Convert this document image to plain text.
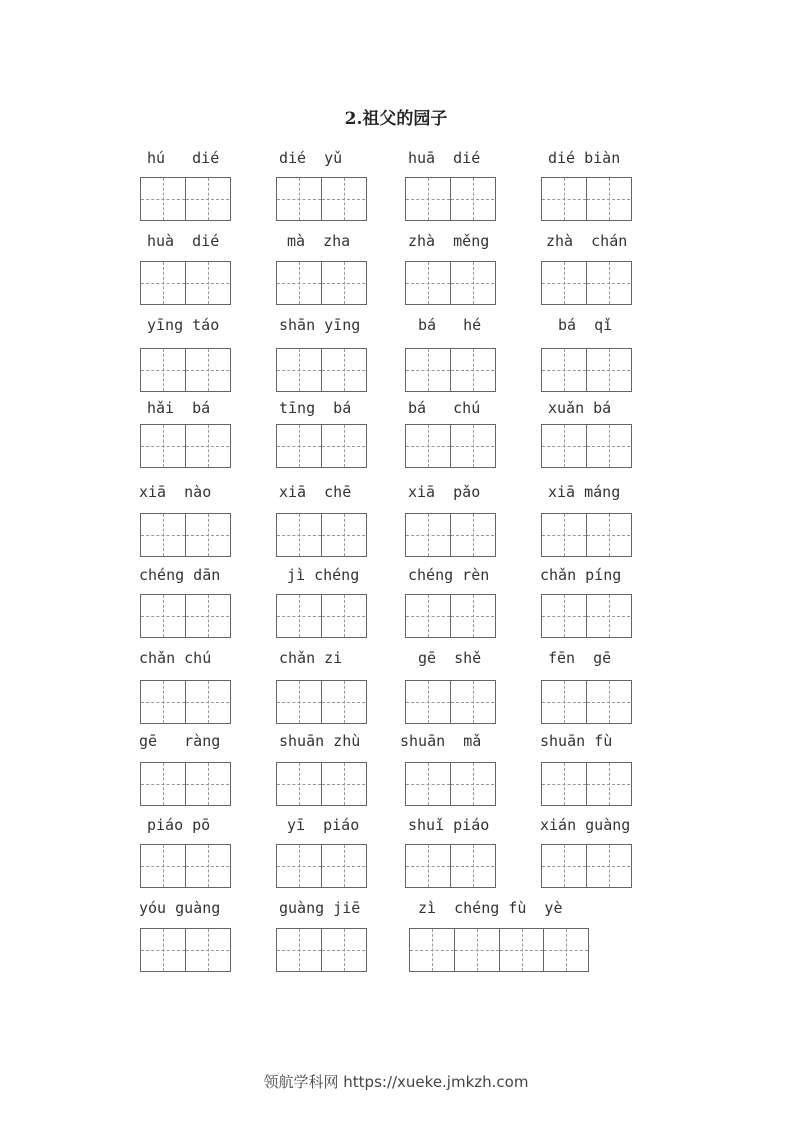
2.祖父的园子
hú   dié	dié  yǔ	huā  dié	dié biàn
huà  dié	mà  zha	zhà  měng	zhà  chán
yīng táo	shān yīng	bá   hé	bá  qǐ
hǎi  bá	tīng  bá	bá   chú	xuǎn bá
xiā  nào	xiā  chē	xiā  pǎo	xiā máng
chéng dān	jì chéng	chéng rèn	chǎn píng
chǎn chú	chǎn zi	gē  shě	fēn  gē
gē   ràng	shuān zhù	shuān  mǎ	shuān fù
piáo pō	yī  piáo	shuǐ piáo	xián guàng
yóu guàng	guàng jiē	zì  chéng fù  yè
领航学科网 https://xueke.jmkzh.com
